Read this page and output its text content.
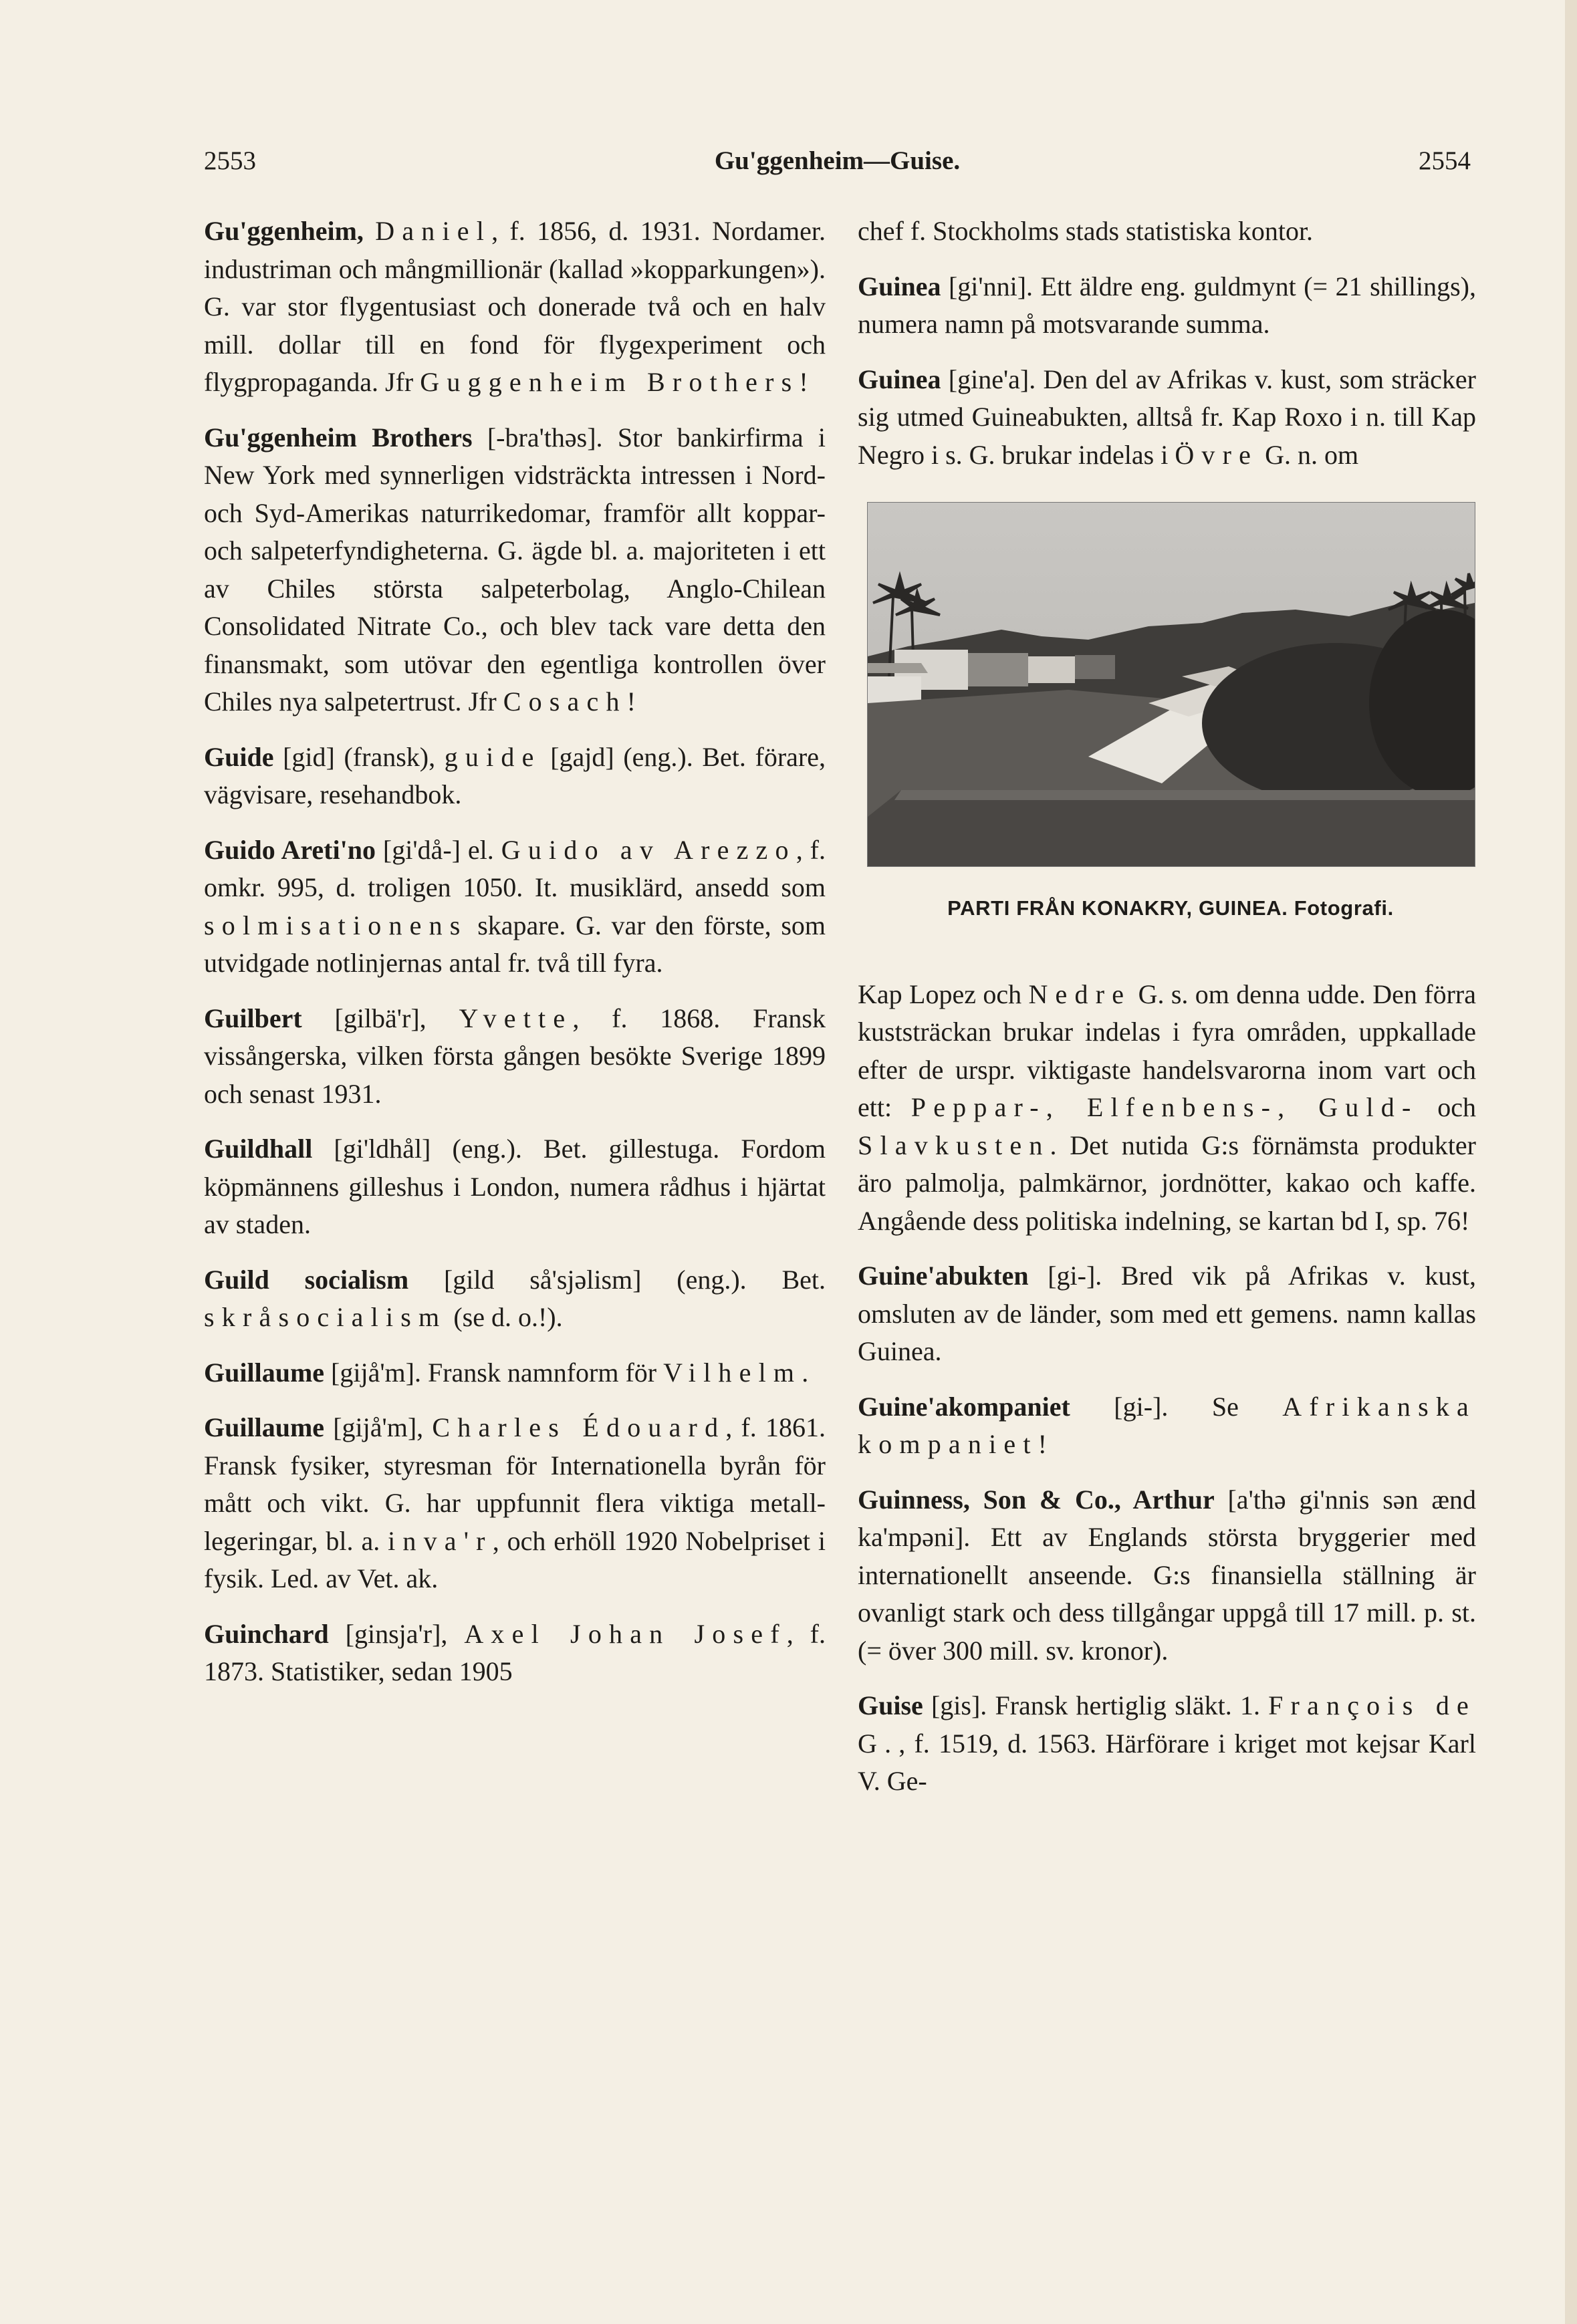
2553	Gu'ggenheim—Guise.	2554

Gu'ggenheim, Daniel, f. 1856, d. 1931. Nordamer. industriman och mångmillionär (kallad »kopparkungen»). G. var stor flygentusiast och donerade två och en halv mill. dollar till en fond för flygexperiment och flygpropaganda. Jfr Guggenheim Brothers!

Gu'ggenheim Brothers [-bra'thəs]. Stor bankirfirma i New York med synnerligen vidsträckta intressen i Nord- och Syd-Amerikas naturrikedomar, framför allt koppar- och salpeterfyndigheterna. G. ägde bl. a. majoriteten i ett av Chiles största salpeterbolag, Anglo-Chilean Consolidated Nitrate Co., och blev tack vare detta den finansmakt, som utövar den egentliga kontrollen över Chiles nya salpetertrust. Jfr Cosach!

Guide [gid] (fransk), guide [gajd] (eng.). Bet. förare, vägvisare, resehandbok.

Guido Areti'no [gi'då-] el. Guido av Arezzo, f. omkr. 995, d. troligen 1050. It. musiklärd, ansedd som solmisationens skapare. G. var den förste, som utvidgade notlinjernas antal fr. två till fyra.

Guilbert [gilbä'r], Yvette, f. 1868. Fransk vissångerska, vilken första gången besökte Sverige 1899 och senast 1931.

Guildhall [gi'ldhål] (eng.). Bet. gillestuga. Fordom köpmännens gilleshus i London, numera rådhus i hjärtat av staden.

Guild socialism [gild så'sjəlism] (eng.). Bet. skråsocialism (se d. o.!).

Guillaume [gijå'm]. Fransk namnform för Vilhelm.

Guillaume [gijå'm], Charles Édouard, f. 1861. Fransk fysiker, styresman för Internationella byrån för mått och vikt. G. har uppfunnit flera viktiga metall-legeringar, bl. a. inva'r, och erhöll 1920 Nobelpriset i fysik. Led. av Vet. ak.

Guinchard [ginsja'r], Axel Johan Josef, f. 1873. Statistiker, sedan 1905

chef f. Stockholms stads statistiska kontor.

Guinea [gi'nni]. Ett äldre eng. guldmynt (= 21 shillings), numera namn på motsvarande summa.

Guinea [gine'a]. Den del av Afrikas v. kust, som sträcker sig utmed Guineabukten, alltså fr. Kap Roxo i n. till Kap Negro i s. G. brukar indelas i Övre G. n. om

PARTI FRÅN KONAKRY, GUINEA. Fotografi.

Kap Lopez och Nedre G. s. om denna udde. Den förra kuststräckan brukar indelas i fyra områden, uppkallade efter de urspr. viktigaste handelsvarorna inom vart och ett: Peppar-, Elfenbens-, Guld- och Slavkusten. Det nutida G:s förnämsta produkter äro palmolja, palmkärnor, jordnötter, kakao och kaffe. Angående dess politiska indelning, se kartan bd I, sp. 76!

Guine'abukten [gi-]. Bred vik på Afrikas v. kust, omsluten av de länder, som med ett gemens. namn kallas Guinea.

Guine'akompaniet [gi-]. Se Afrikanska kompaniet!

Guinness, Son & Co., Arthur [a'thə gi'nnis sən ænd ka'mpəni]. Ett av Englands största bryggerier med internationellt anseende. G:s finansiella ställning är ovanligt stark och dess tillgångar uppgå till 17 mill. p. st. (= över 300 mill. sv. kronor).

Guise [gis]. Fransk hertiglig släkt. 1. François de G., f. 1519, d. 1563. Härförare i kriget mot kejsar Karl V. Ge-
